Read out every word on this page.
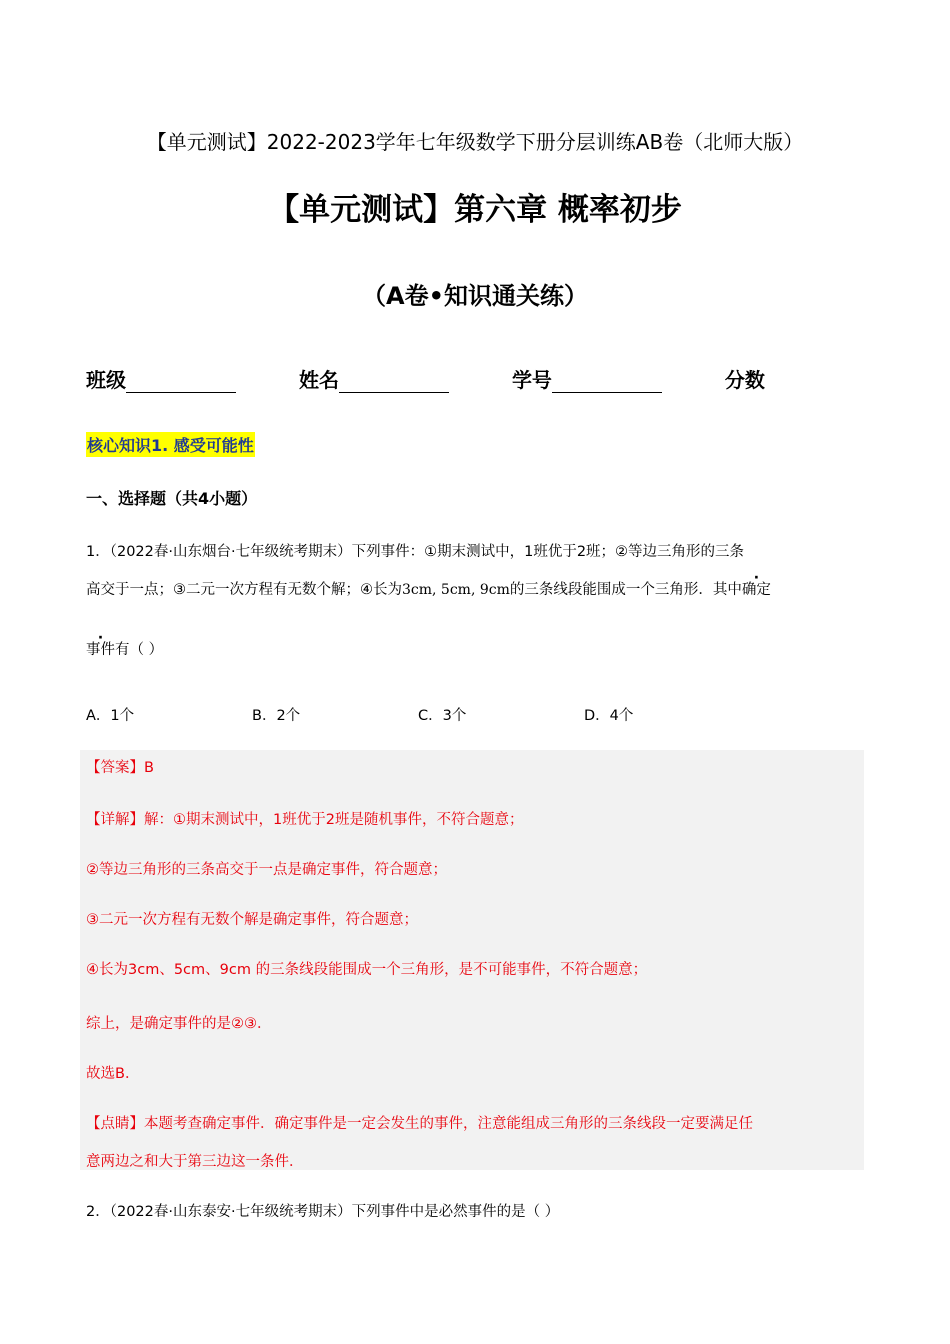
【单元测试】2022-2023学年七年级数学下册分层训练AB卷（北师大版）
【单元测试】第六章 概率初步
（A卷•知识通关练）
班级	姓名	学号	分数
核心知识1. 感受可能性
一、选择题（共4小题）
1．（2022春·山东烟台·七年级统考期末）下列事件：①期末测试中，1班优于2班；②等边三角形的三条
高交于一点；③二元一次方程有无数个解；④长为3cm, 5cm, 9cm的三条线段能围成一个三角形．其中确定
事件有（ ）
A．1个	B．2个	C．3个	D．4个
【答案】B
【详解】解：①期末测试中，1班优于2班是随机事件，不符合题意；
②等边三角形的三条高交于一点是确定事件，符合题意；
③二元一次方程有无数个解是确定事件，符合题意；
④长为3cm、5cm、9cm 的三条线段能围成一个三角形，是不可能事件，不符合题意；
综上，是确定事件的是②③．
故选B．
【点睛】本题考查确定事件．确定事件是一定会发生的事件，注意能组成三角形的三条线段一定要满足任
意两边之和大于第三边这一条件．
2．（2022春·山东泰安·七年级统考期末）下列事件中是必然事件的是（ ）
